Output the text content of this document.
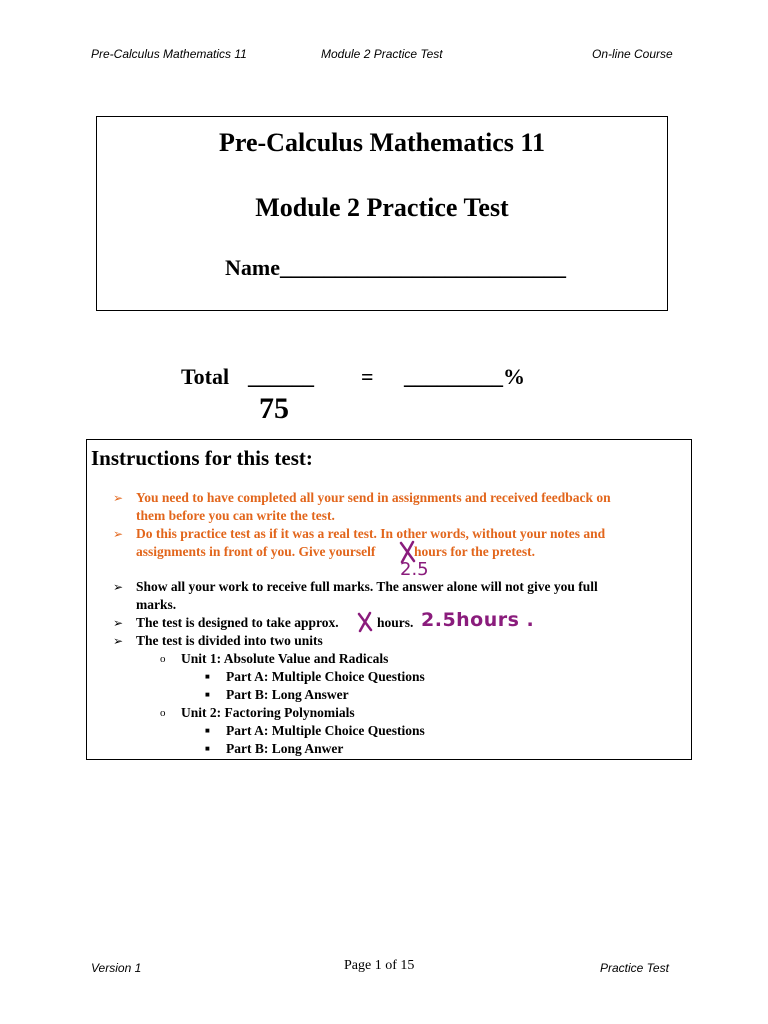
Pre-Calculus Mathematics 11	Module 2 Practice Test	On-line Course
Pre-Calculus Mathematics 11
Module 2 Practice Test
Name__________________________
Total ______ = _________%
75
Instructions for this test:
➢ You need to have completed all your send in assignments and received feedback on
them before you can write the test.
➢ Do this practice test as if it was a real test. In other words, without your notes and
assignments in front of you. Give yourself	hours for the pretest.
➢ Show all your work to receive full marks. The answer alone will not give you full
marks.
➢ The test is designed to take approx.	hours.
➢ The test is divided into two units
o Unit 1: Absolute Value and Radicals
■ Part A: Multiple Choice Questions
■ Part B: Long Answer
o Unit 2: Factoring Polynomials
■ Part A: Multiple Choice Questions
■ Part B: Long Anwer
2.5
2.5hours .
Version 1	Page 1 of 15	Practice Test
